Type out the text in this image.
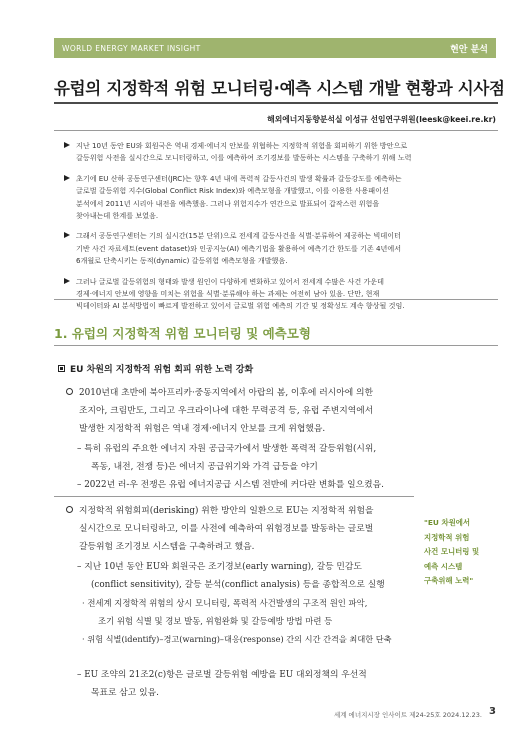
WORLD ENERGY MARKET INSIGHT	현안 분석
유럽의 지정학적 위험 모니터링·예측 시스템 개발 현황과 시사점
해외에너지동향분석실 이성규 선임연구위원(leesk@keei.re.kr)
지난 10년 동안 EU와 회원국은 역내 경제·에너지 안보를 위협하는 지정학적 위험을 회피하기 위한 방안으로
갈등위험 사전을 실시간으로 모니터링하고, 이를 예측하여 조기경보를 발동하는 시스템을 구축하기 위해 노력
초기에 EU 산하 공동연구센터(JRC)는 향후 4년 내에 폭력적 갈등사건의 발생 확률과 갈등강도를 예측하는
글로벌 갈등위험 지수(Global Conflict Risk Index)와 예측모형을 개발했고, 이를 이용한 사용패이션
분석에서 2011년 시리아 내전을 예측했음. 그러나 위험지수가 연간으로 발표되어 갑작스런 위험을
찾아내는데 한계를 보였음.
그래서 공동연구센터는 기의 실시간(15분 단위)으로 전세계 갈등사건을 식별·분류하여 제공하는 빅데이터
기반 사건 자료세트(event dataset)와 인공지능(AI) 예측기법을 활용하여 예측기간 한도를 기존 4년에서
6개월로 단축시키는 동적(dynamic) 갈등위험 예측모형을 개발했음.
그러나 글로벌 갈등위험의 형태와 발생 원인이 다양하게 변화하고 있어서 전세계 수많은 사건 가운데
경제·에너지 안보에 영향을 미치는 위험을 식별·분류해야 하는 과제는 여전히 남아 있음. 단만, 현재
빅데이터와 AI 분석방법이 빠르게 발전하고 있어서 글로벌 위험 예측의 기간 및 정확성도 계속 향상될 것임.
1. 유럽의 지정학적 위험 모니터링 및 예측모형
EU 차원의 지정학적 위험 회피 위한 노력 강화
2010년대 초반에 북아프리카·중동지역에서 아랍의 봄, 이후에 러시아에 의한
조지아, 크림반도, 그리고 우크라이나에 대한 무력공격 등, 유럽 주변지역에서
발생한 지정학적 위험은 역내 경제·에너지 안보를 크게 위협했음.
– 특히 유럽의 주요한 에너지 자원 공급국가에서 발생한 폭력적 갈등위험(시위,
폭동, 내전, 전쟁 등)은 에너지 공급위기와 가격 급등을 야기
– 2022년 러-우 전쟁은 유럽 에너지공급 시스템 전반에 커다란 변화를 일으켰음.
지정학적 위험회피(derisking) 위한 방안의 일환으로 EU는 지정학적 위험을
실시간으로 모니터링하고, 이를 사전에 예측하여 위험경보를 발동하는 글로벌
갈등위험 조기경보 시스템을 구축하려고 했음.
– 지난 10년 동안 EU와 회원국은 조기경보(early warning), 갈등 민감도
(conflict sensitivity), 갈등 분석(conflict analysis) 등을 종합적으로 실행
· 전세계 지정학적 위험의 상시 모니터링, 폭력적 사건발생의 구조적 원인 파악,
조기 위험 식별 및 경보 발동, 위험완화 및 갈등예방 방법 마련 등
· 위험 식별(identify)–경고(warning)–대응(response) 간의 시간 간격을 최대한 단축
– EU 조약의 21조2(c)항은 글로벌 갈등위험 예방을 EU 대외정책의 우선적
목표로 삼고 있음.
"EU 차원에서
지정학적 위험
사건 모니터링 및
예측 시스템
구축위해 노력"
세계 에너지시장 인사이트 제24-25호 2024.12.23. 3
